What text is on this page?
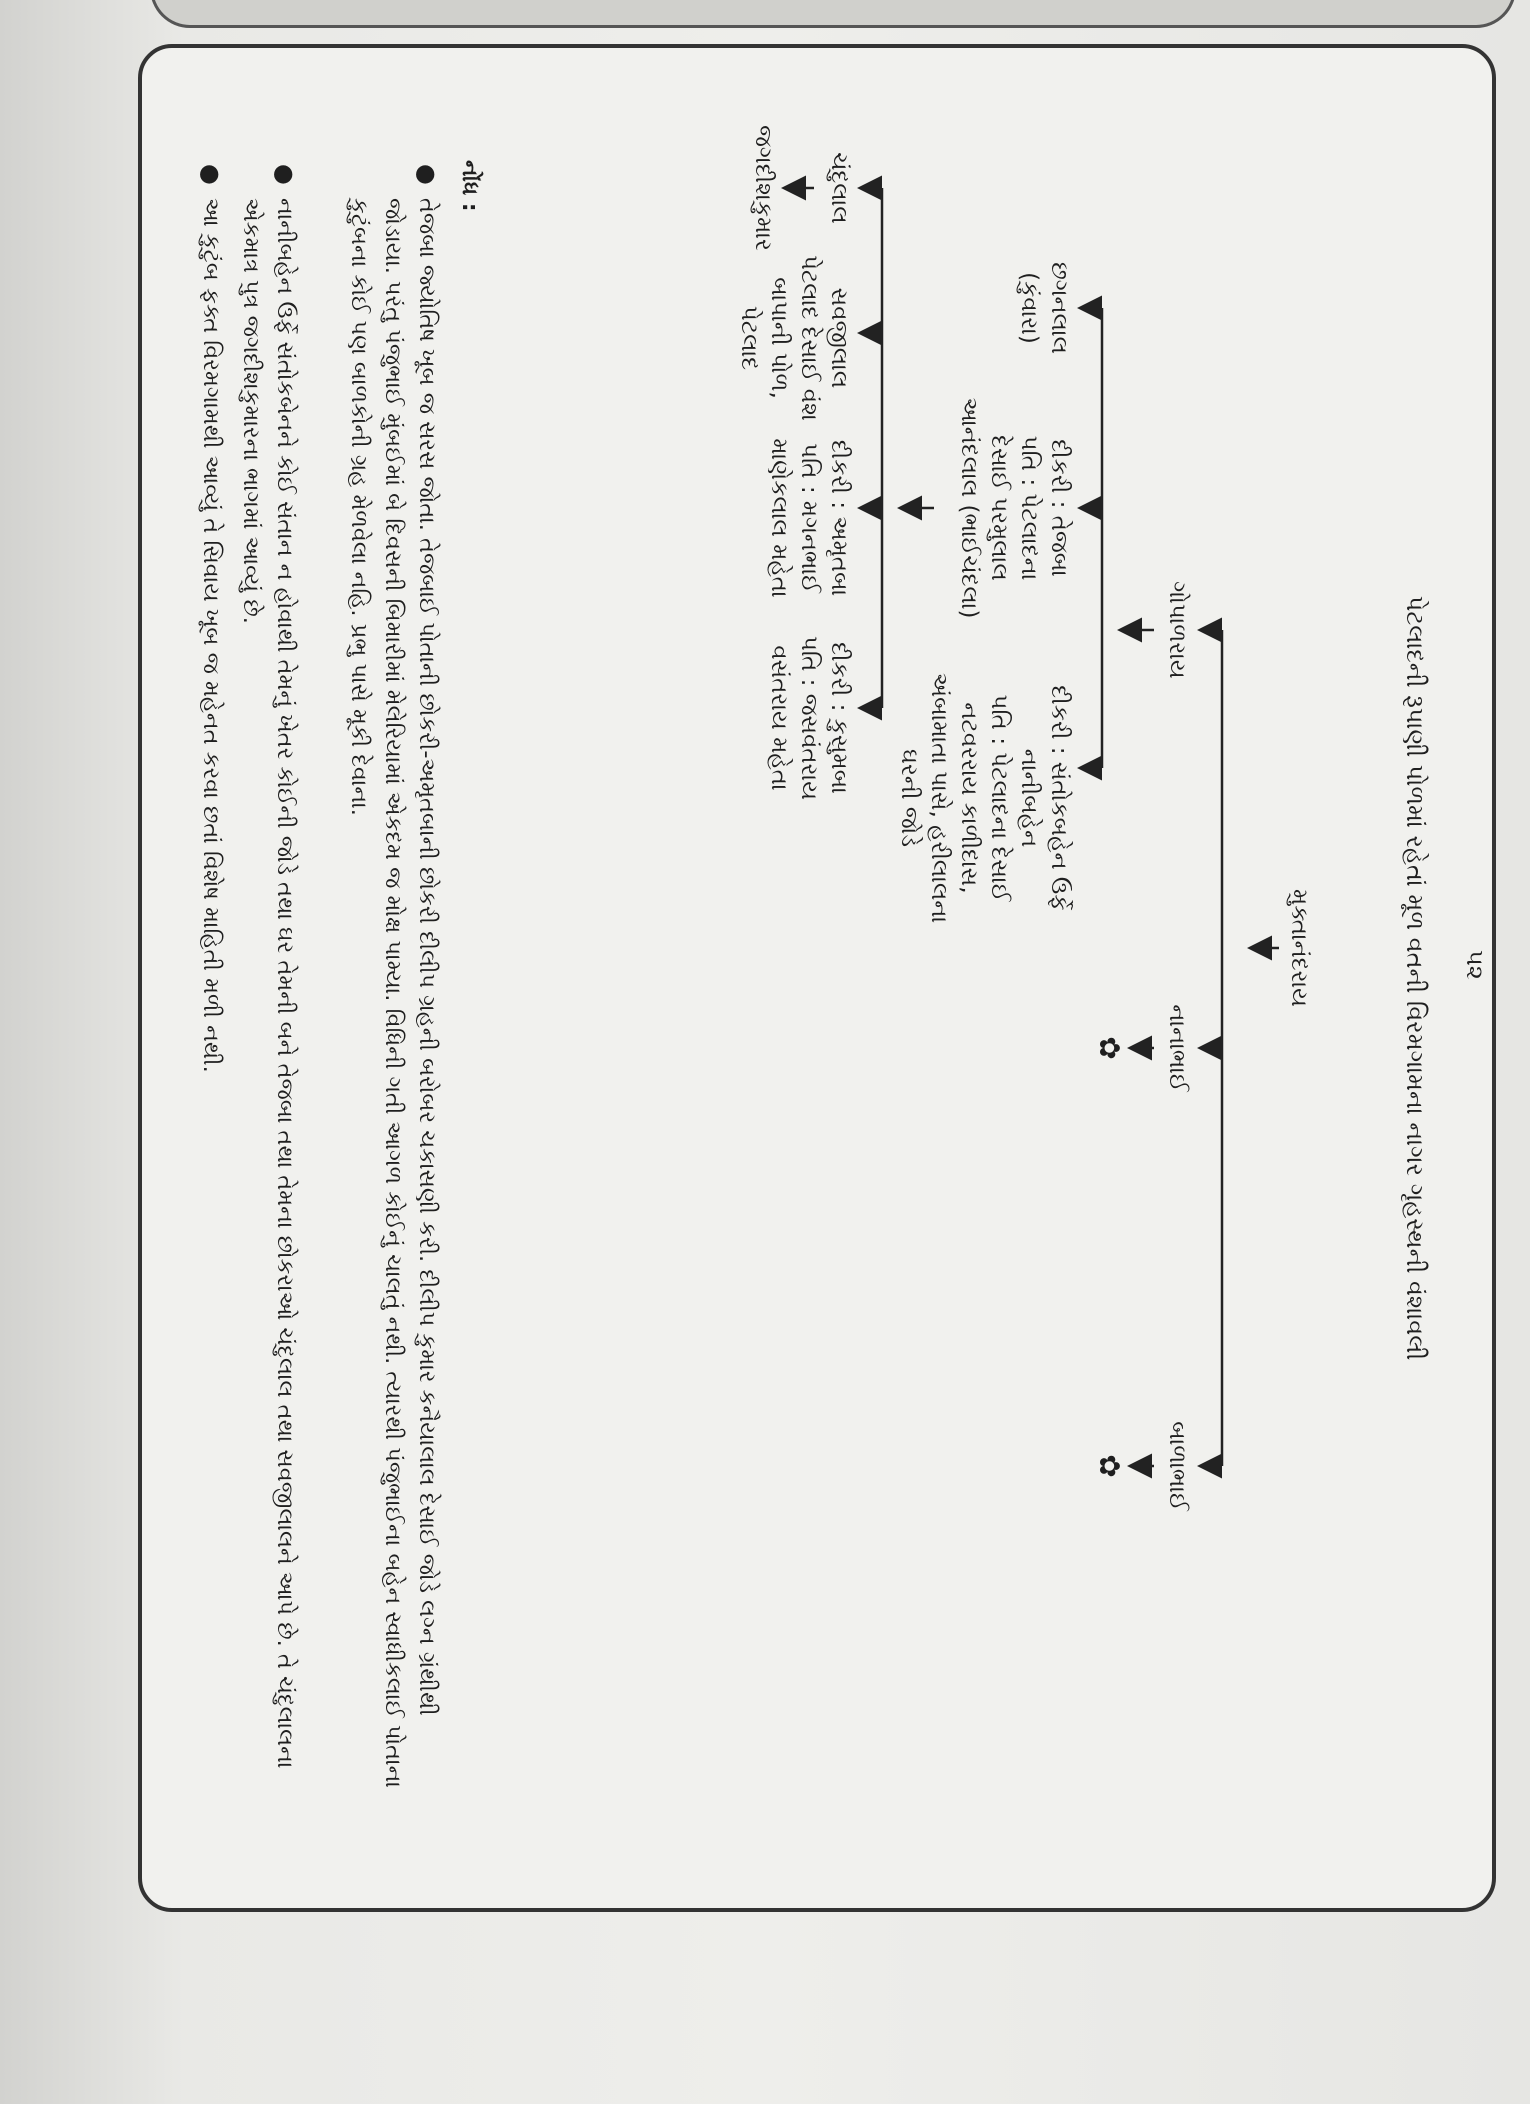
પેટલાદની રૂપાણી પોળમાં રહેતાં મૂળ વતની વિરમગામના નાગર ગૃહસ્થની વંશાવલી
મુક્તાનંદરાય
ગોપાળરાય
નાનાભાઈ
બાળાભાઈ
✿
✿
છગનલાલ
(કુંવારા)
દીકરી : તેજબા
પતિ : પેટલાદના
દેસાઈ પરમુલાલ
આનંદલાલ (ભાઈચંદલા)
દીકરી : સંતોકબહેન ઉર્ફે
નાનીબહેન
પતિ : પેટલાદના દેસાઈ
નટવરરાય કાળીદાસ,
અંબામાતા પાસે, હરીલાલના
ઘરની જોડે
ચંદુલાલ
સવજીલાલ
પેટલાદ દેસાઈ વંશ
બાપાની પોળ,
પેટલાદ
દીકરી : અમૃતબા
પતિ : મગનભાઈ
માણેકલાલ મહેતા
દીકરી : કુસુમબા
પતિ : જસવંતરાય
વસંતરાય મહેતા
જગદીશકુમાર
નોંધ :
●
તેજબા જ્યોતિષ ખૂબ જ સરસ જોતા. તેજબાઈ પોતાની છોકરી-અમૃતબાની છોકરી દીલીપ ગ્રહની બરોબર ચકાસણી કરી. દીલીપ કુમાર કનૈયાલાલ દેસાઈ જોડે લગ્ન ગ્રંથીથી જોડાયા. પરંતુ પંજુભાઈ મુંબઈમાં બે દિવસની બિમારીમાં મેલેરિયામાં એકદમ જ મોક્ષ પામ્યા. વિધિની ગતી આગળ કોઈનું ચાલતું નથી. ત્યારથી પંજુભાઈના બહેન સ્વાધીકલાઈ પોતાના કુટુંબના કોઈ પણ બાળકોની ગ્રહ મેળવેલા નહિ. પ્રભુ પાસે મૂકી દેવાના.
●
નાનીબહેન ઉર્ફે સંતોકબેનને કોઈ સંતાન ન હોવાથી તેમનું ખેતર કોઈની જોડે તથા ઘર તેમની બને તેજબા તથા તેમના છોકરાઓ ચંદુલાલ તથા સવજીલાલને આપે છે. તે ચંદુલાલના એકમાત્ર પુત્ર જગદીશકુમારના ભાગમાં આવ્યું છે.
●
આ કુટુંબ ફક્ત વિરમગામથી આવ્યું તે સિવાય ખૂબ જ મહેનત કરવા છતાં વિશેષ માહિતી મળી નથી.	૫૨
